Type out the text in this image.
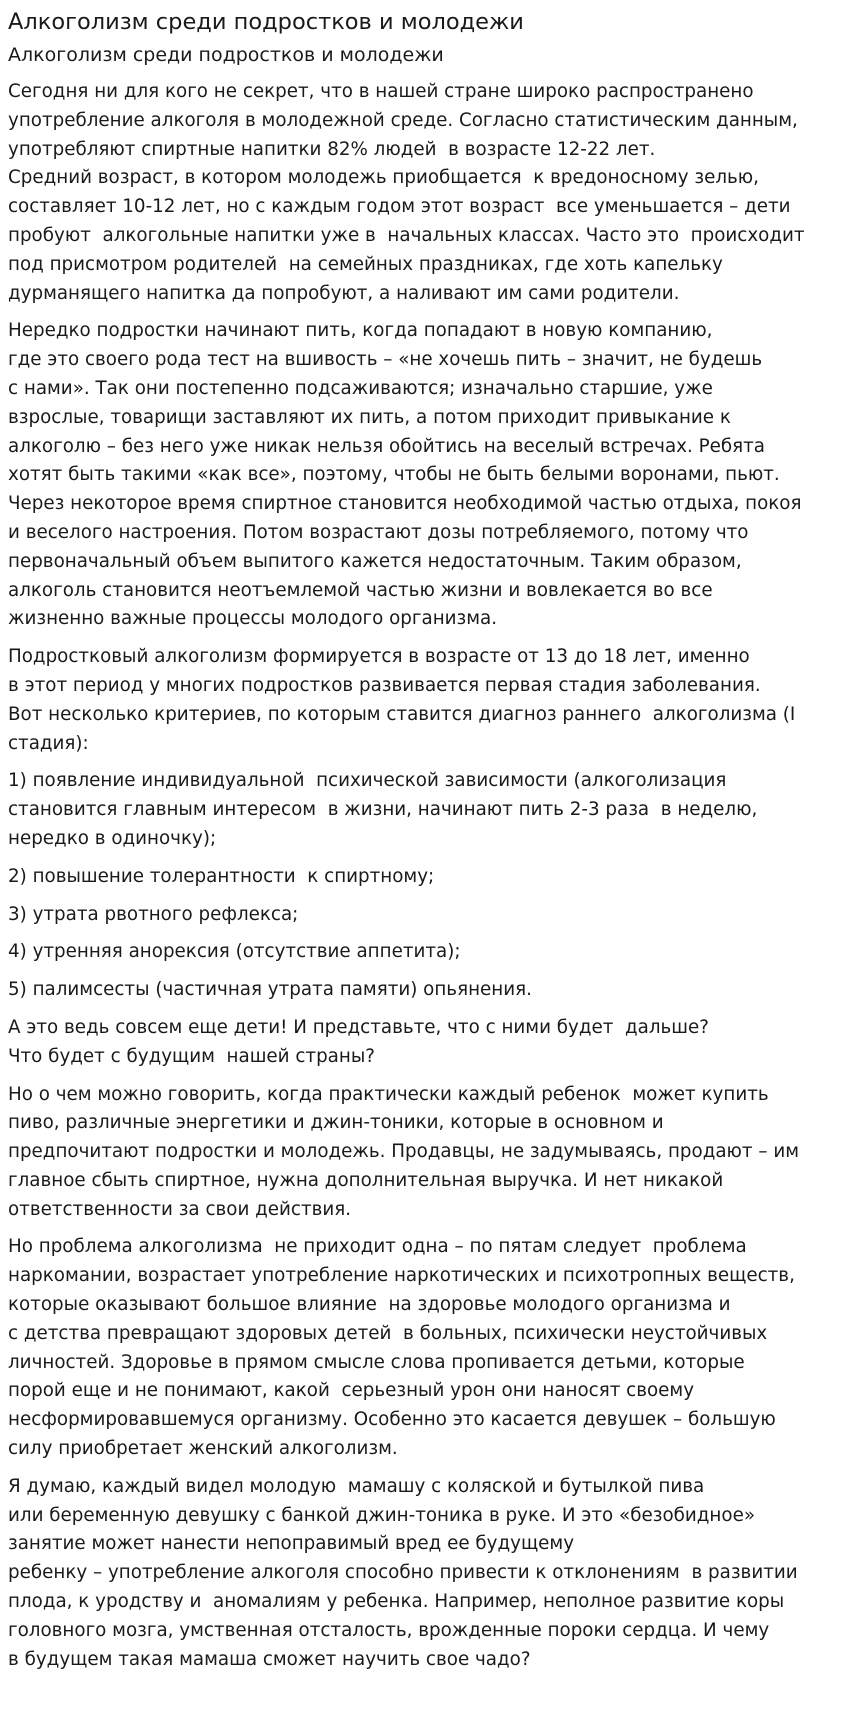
Алкоголизм среди подростков и молодежи
Алкоголизм среди подростков и молодежи

Сегодня ни для кого не секрет, что в нашей стране широко распространено
употребление алкоголя в молодежной среде. Согласно статистическим данным,
употребляют спиртные напитки 82% людей  в возрасте 12-22 лет.
Средний возраст, в котором молодежь приобщается  к вредоносному зелью,
составляет 10-12 лет, но с каждым годом этот возраст  все уменьшается – дети
пробуют  алкогольные напитки уже в  начальных классах. Часто это  происходит
под присмотром родителей  на семейных праздниках, где хоть капельку
дурманящего напитка да попробуют, а наливают им сами родители.

Нередко подростки начинают пить, когда попадают в новую компанию,
где это своего рода тест на вшивость – «не хочешь пить – значит, не будешь
с нами». Так они постепенно подсаживаются; изначально старшие, уже
взрослые, товарищи заставляют их пить, а потом приходит привыкание к
алкоголю – без него уже никак нельзя обойтись на веселый встречах. Ребята
хотят быть такими «как все», поэтому, чтобы не быть белыми воронами, пьют.
Через некоторое время спиртное становится необходимой частью отдыха, покоя
и веселого настроения. Потом возрастают дозы потребляемого, потому что
первоначальный объем выпитого кажется недостаточным. Таким образом,
алкоголь становится неотъемлемой частью жизни и вовлекается во все
жизненно важные процессы молодого организма.

Подростковый алкоголизм формируется в возрасте от 13 до 18 лет, именно
в этот период у многих подростков развивается первая стадия заболевания.
Вот несколько критериев, по которым ставится диагноз раннего  алкоголизма (I
стадия):

1) появление индивидуальной  психической зависимости (алкоголизация
становится главным интересом  в жизни, начинают пить 2-3 раза  в неделю,
нередко в одиночку);

2) повышение толерантности  к спиртному;

3) утрата рвотного рефлекса;

4) утренняя анорексия (отсутствие аппетита);

5) палимсесты (частичная утрата памяти) опьянения.

А это ведь совсем еще дети! И представьте, что с ними будет  дальше?
Что будет с будущим  нашей страны?

Но о чем можно говорить, когда практически каждый ребенок  может купить
пиво, различные энергетики и джин-тоники, которые в основном и
предпочитают подростки и молодежь. Продавцы, не задумываясь, продают – им
главное сбыть спиртное, нужна дополнительная выручка. И нет никакой
ответственности за свои действия.

Но проблема алкоголизма  не приходит одна – по пятам следует  проблема
наркомании, возрастает употребление наркотических и психотропных веществ,
которые оказывают большое влияние  на здоровье молодого организма и
с детства превращают здоровых детей  в больных, психически неустойчивых
личностей. Здоровье в прямом смысле слова пропивается детьми, которые
порой еще и не понимают, какой  серьезный урон они наносят своему
несформировавшемуся организму. Особенно это касается девушек – большую
силу приобретает женский алкоголизм.

Я думаю, каждый видел молодую  мамашу с коляской и бутылкой пива
или беременную девушку с банкой джин-тоника в руке. И это «безобидное»
занятие может нанести непоправимый вред ее будущему
ребенку – употребление алкоголя способно привести к отклонениям  в развитии
плода, к уродству и  аномалиям у ребенка. Например, неполное развитие коры
головного мозга, умственная отсталость, врожденные пороки сердца. И чему
в будущем такая мамаша сможет научить свое чадо?
